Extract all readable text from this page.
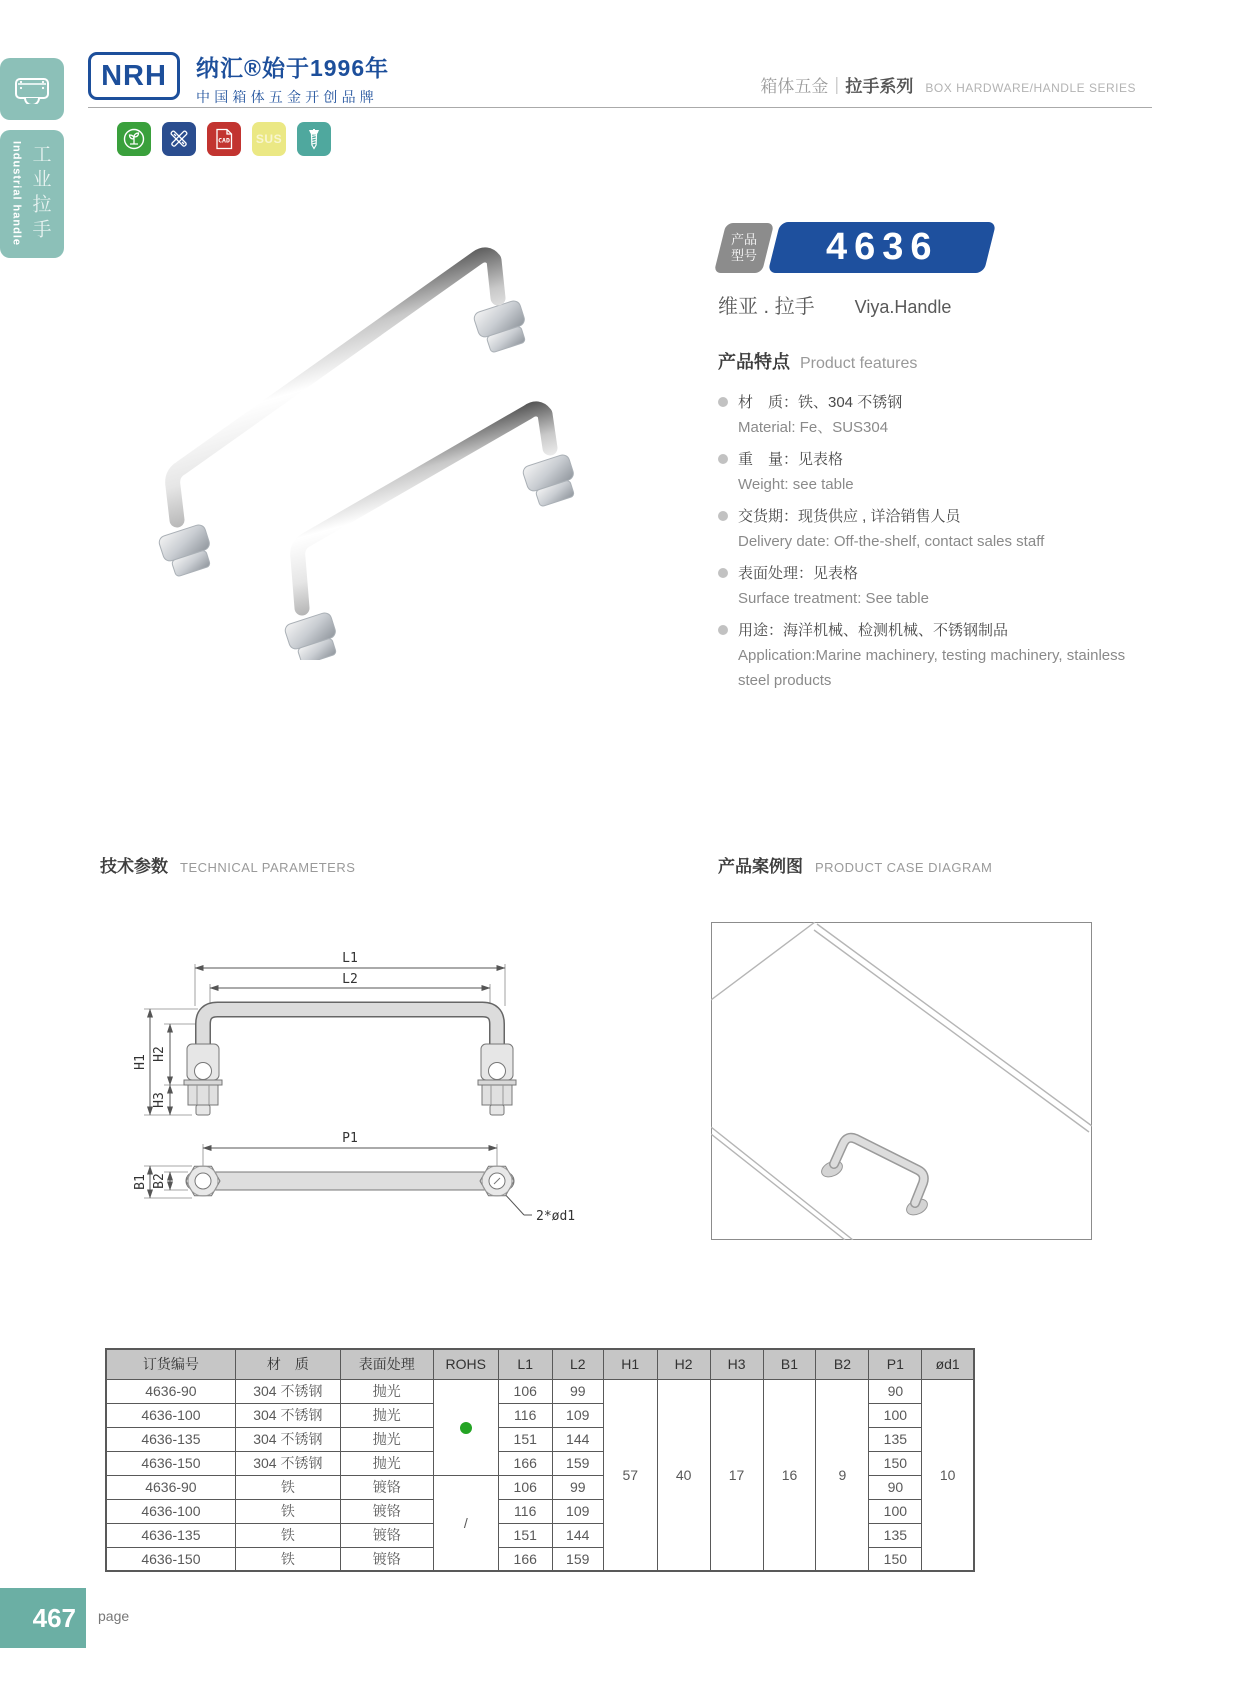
Industrial handle 工业拉手
NRH 纳汇®始于1996年
中国箱体五金开创品牌
箱体五金｜拉手系列 BOX HARDWARE/HANDLE SERIES
CAD SUS
产品
型号 4636
维亚 . 拉手 Viya.Handle
产品特点 Product features
材　质：铁、304 不锈钢
Material: Fe、SUS304
重　量：见表格
Weight: see table
交货期：现货供应 , 详洽销售人员
Delivery date: Off-the-shelf, contact sales staff
表面处理：见表格
Surface treatment: See table
用途：海洋机械、检测机械、不锈钢制品
Application:Marine machinery, testing machinery, stainless steel products
技术参数 TECHNICAL PARAMETERS	产品案例图 PRODUCT CASE DIAGRAM
L1
L2
H1
H2
H3
P1
B1 B2
2*ød1
订货编号	材　质	表面处理	ROHS	L1	L2	H1	H2	H3	B1	B2	P1	ød1
4636-90	304 不锈钢	抛光		106	99	57	40	17	16	9	90	10
4636-100	304 不锈钢	抛光		116	109						100	
4636-135	304 不锈钢	抛光		151	144						135	
4636-150	304 不锈钢	抛光		166	159						150	
4636-90	铁	镀铬	/	106	99						90	
4636-100	铁	镀铬		116	109						100	
4636-135	铁	镀铬		151	144						135	
4636-150	铁	镀铬		166	159						150	
467 page
